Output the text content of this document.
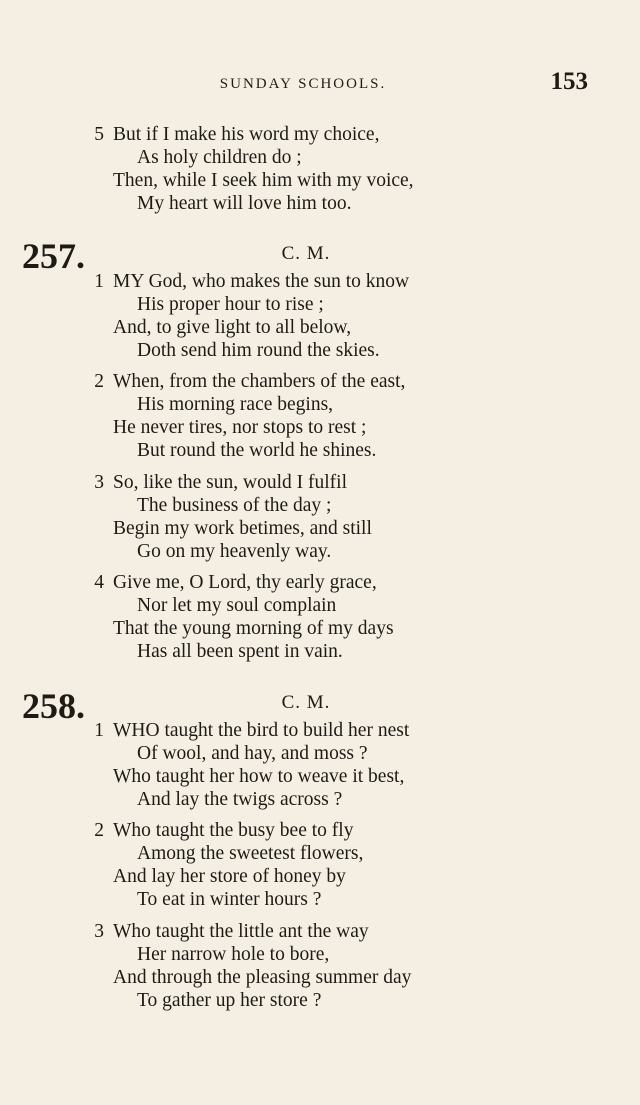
SUNDAY SCHOOLS.	153
5 But if I make his word my choice,
As holy children do ;
Then, while I seek him with my voice,
My heart will love him too.
257.	C. M.
1 MY God, who makes the sun to know
His proper hour to rise ;
And, to give light to all below,
Doth send him round the skies.
2 When, from the chambers of the east,
His morning race begins,
He never tires, nor stops to rest ;
But round the world he shines.
3 So, like the sun, would I fulfil
The business of the day ;
Begin my work betimes, and still
Go on my heavenly way.
4 Give me, O Lord, thy early grace,
Nor let my soul complain
That the young morning of my days
Has all been spent in vain.
258.	C. M.
1 WHO taught the bird to build her nest
Of wool, and hay, and moss ?
Who taught her how to weave it best,
And lay the twigs across ?
2 Who taught the busy bee to fly
Among the sweetest flowers,
And lay her store of honey by
To eat in winter hours ?
3 Who taught the little ant the way
Her narrow hole to bore,
And through the pleasing summer day
To gather up her store ?
